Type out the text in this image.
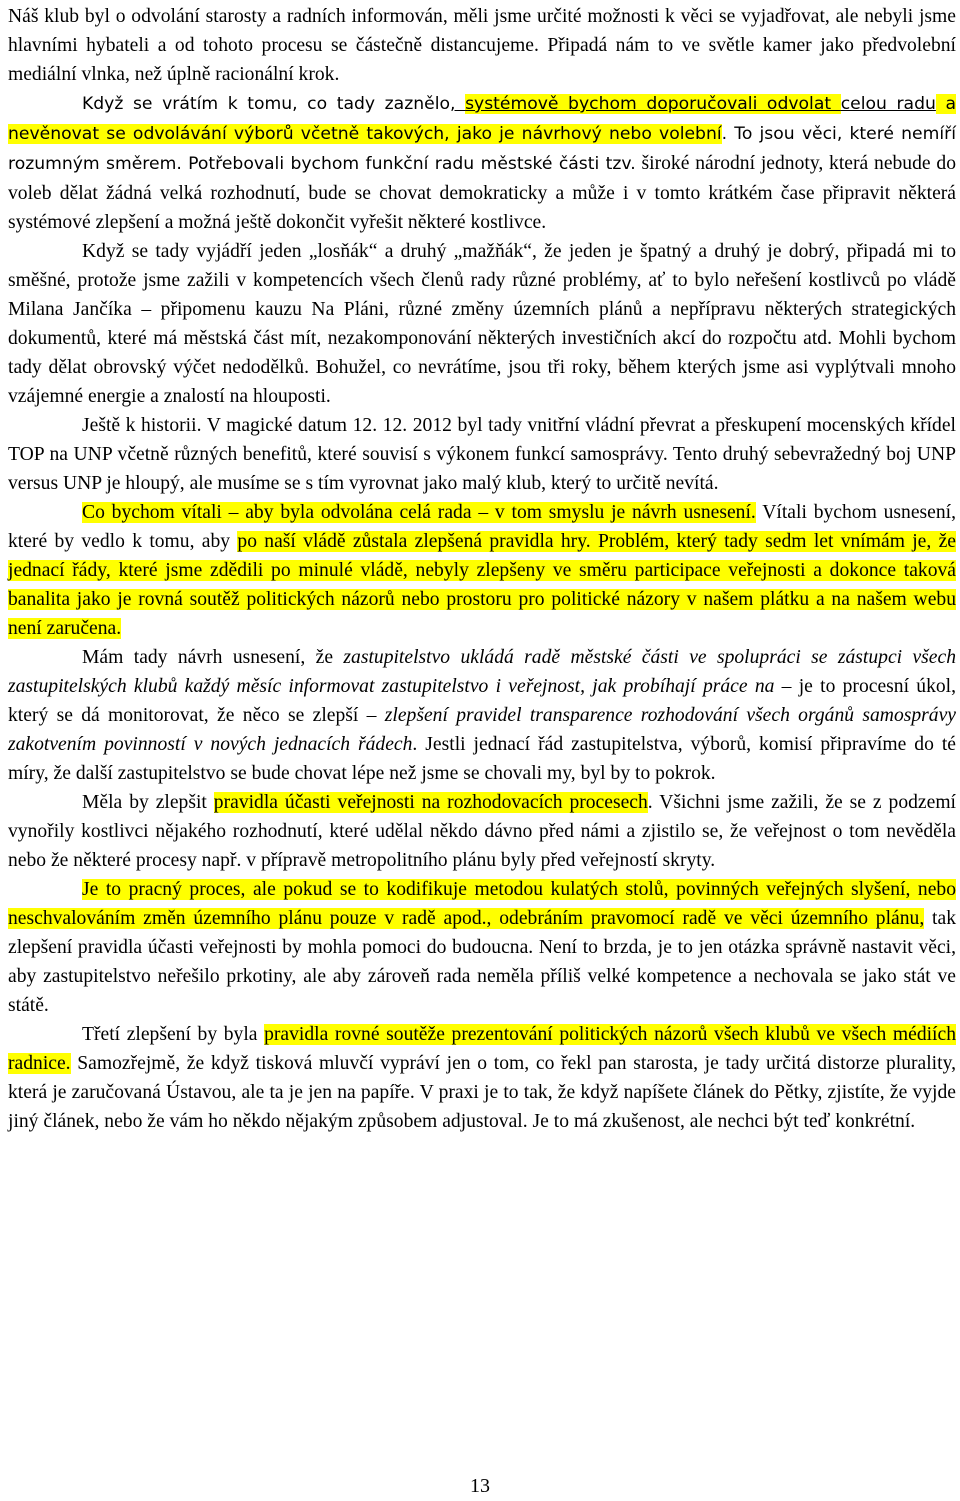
Náš klub byl o odvolání starosty a radních informován, měli jsme určité možnosti k věci se vyjadřovat, ale nebyli jsme hlavními hybateli a od tohoto procesu se částečně distancujeme. Připadá nám to ve světle kamer jako předvolební mediální vlnka, než úplně racionální krok.

Když se vrátím k tomu, co tady zaznělo, systémově bychom doporučovali odvolat celou radu a nevěnovat se odvolávání výborů včetně takových, jako je návrhový nebo volební. To jsou věci, které nemíří rozumným směrem. Potřebovali bychom funkční radu městské části tzv. široké národní jednoty, která nebude do voleb dělat žádná velká rozhodnutí, bude se chovat demokraticky a může i v tomto krátkém čase připravit některá systémové zlepšení a možná ještě dokončit vyřešit některé kostlivce.

Když se tady vyjádří jeden „losňák“ a druhý „mažňák“, že jeden je špatný a druhý je dobrý, připadá mi to směšné, protože jsme zažili v kompetencích všech členů rady různé problémy, ať to bylo neřešení kostlivců po vládě Milana Jančíka – připomenu kauzu Na Pláni, různé změny územních plánů a nepřípravu některých strategických dokumentů, které má městská část mít, nezakomponování některých investičních akcí do rozpočtu atd. Mohli bychom tady dělat obrovský výčet nedodělků. Bohužel, co nevrátíme, jsou tři roky, během kterých jsme asi vyplýtvali mnoho vzájemné energie a znalostí na hlouposti.

Ještě k historii. V magické datum 12. 12. 2012 byl tady vnitřní vládní převrat a přeskupení mocenských křídel TOP na UNP včetně různých benefitů, které souvisí s výkonem funkcí samosprávy. Tento druhý sebevražedný boj UNP versus UNP je hloupý, ale musíme se s tím vyrovnat jako malý klub, který to určitě nevítá.

Co bychom vítali – aby byla odvolána celá rada – v tom smyslu je návrh usnesení. Vítali bychom usnesení, které by vedlo k tomu, aby po naší vládě zůstala zlepšená pravidla hry. Problém, který tady sedm let vnímám je, že jednací řády, které jsme zdědili po minulé vládě, nebyly zlepšeny ve směru participace veřejnosti a dokonce taková banalita jako je rovná soutěž politických názorů nebo prostoru pro politické názory v našem plátku a na našem webu není zaručena.

Mám tady návrh usnesení, že zastupitelstvo ukládá radě městské části ve spolupráci se zástupci všech zastupitelských klubů každý měsíc informovat zastupitelstvo i veřejnost, jak probíhají práce na – je to procesní úkol, který se dá monitorovat, že něco se zlepší – zlepšení pravidel transparence rozhodování všech orgánů samosprávy zakotvením povinností v nových jednacích řádech. Jestli jednací řád zastupitelstva, výborů, komisí připravíme do té míry, že další zastupitelstvo se bude chovat lépe než jsme se chovali my, byl by to pokrok.

Měla by zlepšit pravidla účasti veřejnosti na rozhodovacích procesech. Všichni jsme zažili, že se z podzemí vynořily kostlivci nějakého rozhodnutí, které udělal někdo dávno před námi a zjistilo se, že veřejnost o tom nevěděla nebo že některé procesy např. v přípravě metropolitního plánu byly před veřejností skryty.

Je to pracný proces, ale pokud se to kodifikuje metodou kulatých stolů, povinných veřejných slyšení, nebo neschvalováním změn územního plánu pouze v radě apod., odebráním pravomocí radě ve věci územního plánu, tak zlepšení pravidla účasti veřejnosti by mohla pomoci do budoucna. Není to brzda, je to jen otázka správně nastavit věci, aby zastupitelstvo neřešilo prkotiny, ale aby zároveň rada neměla příliš velké kompetence a nechovala se jako stát ve státě.

Třetí zlepšení by byla pravidla rovné soutěže prezentování politických názorů všech klubů ve všech médiích radnice. Samozřejmě, že když tisková mluvčí vypráví jen o tom, co řekl pan starosta, je tady určitá distorze plurality, která je zaručovaná Ústavou, ale ta je jen na papíře. V praxi je to tak, že když napíšete článek do Pětky, zjistíte, že vyjde jiný článek, nebo že vám ho někdo nějakým způsobem adjustoval. Je to má zkušenost, ale nechci být teď konkrétní.

13
